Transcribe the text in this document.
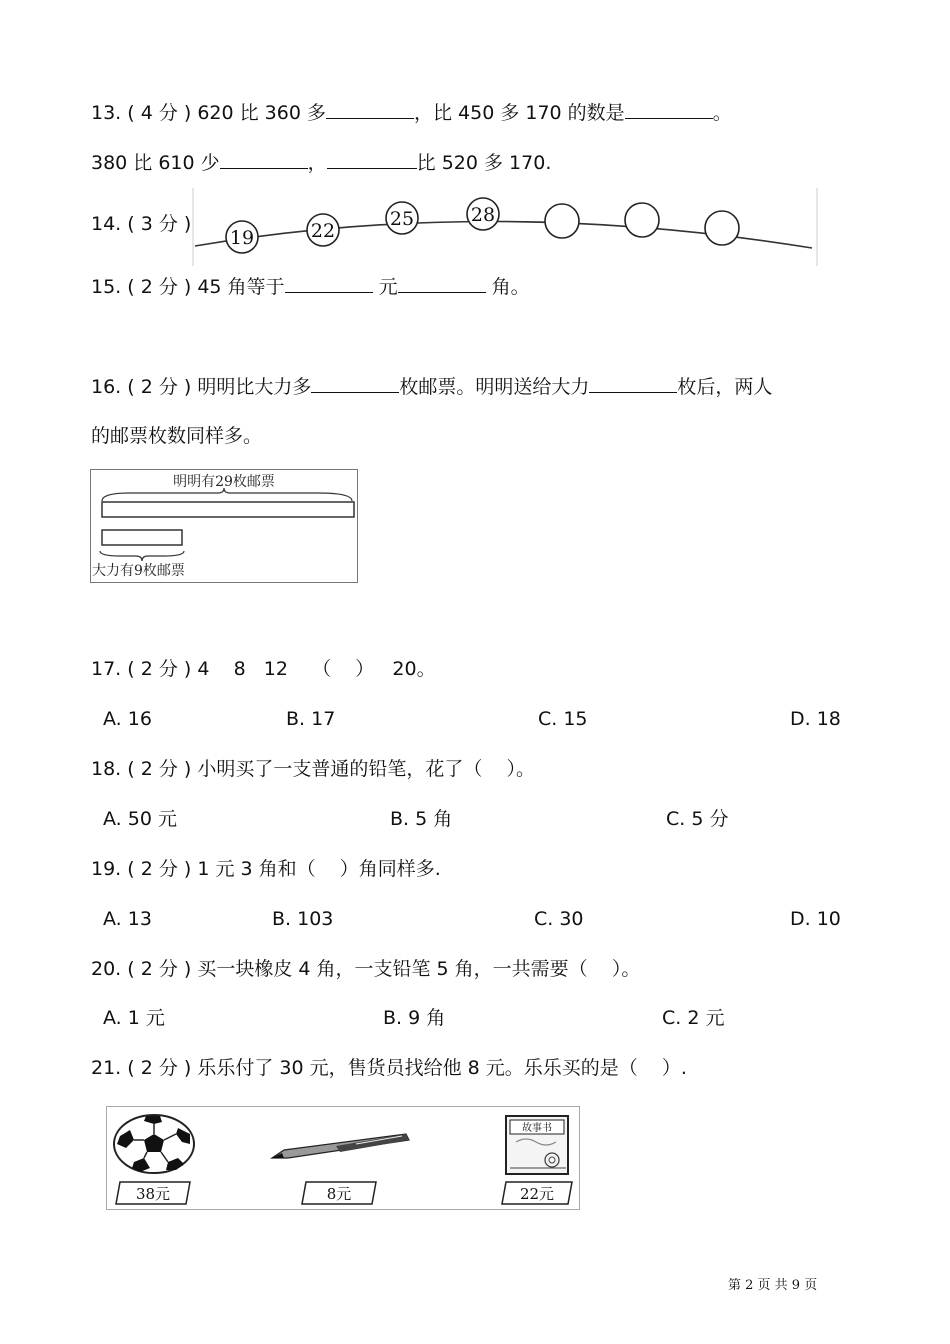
13. ( 4 分 ) 620 比 360 多	，比 450 多 170 的数是	。
380 比 610 少	，	比 520 多 170.
14. ( 3 分 )
19	22
25	28
15. ( 2 分 ) 45 角等于	元	角。
16. ( 2 分 ) 明明比大力多	枚邮票。明明送给大力	枚后，两人
的邮票枚数同样多。
明明有29枚邮票
大力有9枚邮票
17. ( 2 分 ) 4    8   12    （    ）   20。
A. 16	B. 17	C. 15	D. 18
18. ( 2 分 ) 小明买了一支普通的铅笔，花了（    ）。
A. 50 元	B. 5 角	C. 5 分
19. ( 2 分 ) 1 元 3 角和（    ）角同样多.
A. 13	B. 103	C. 30	D. 10
20. ( 2 分 ) 买一块橡皮 4 角，一支铅笔 5 角，一共需要（    ）。
A. 1 元	B. 9 角	C. 2 元
21. ( 2 分 ) 乐乐付了 30 元，售货员找给他 8 元。乐乐买的是（    ）.
38元	8元
故事书
22元
第 2 页 共 9 页
